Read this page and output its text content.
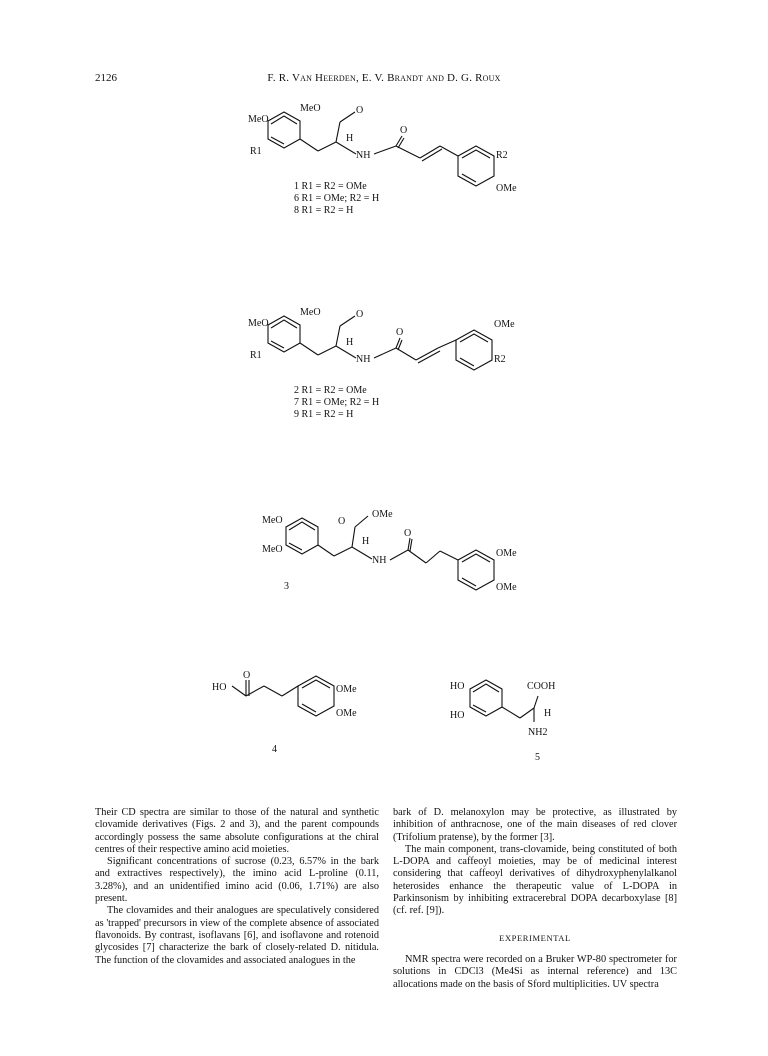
2126	F. R. Van Heerden, E. V. Brandt and D. G. Roux
MeO
MeO
R1
H
NH
O
O
R2
OMe
1 R1 = R2 = OMe
6 R1 = OMe; R2 = H
8 R1 = R2 = H
MeO
MeO
R1
H
NH
O
O
OMe
R2
2 R1 = R2 = OMe
7 R1 = OMe; R2 = H
9 R1 = R2 = H
MeO
MeO
OMe
O
H
NH
O
OMe
OMe
3
O
HO	OMe
OMe
4
HO
HO
COOH
H
NH2
5

Their CD spectra are similar to those of the natural and synthetic clovamide derivatives (Figs. 2 and 3), and the parent compounds accordingly possess the same absolute configurations at the chiral centres of their respective amino acid moieties.

Significant concentrations of sucrose (0.23, 6.57% in the bark and extractives respectively), the imino acid L-proline (0.11, 3.28%), and an unidentified imino acid (0.06, 1.71%) are also present.

The clovamides and their analogues are speculatively considered as 'trapped' precursors in view of the complete absence of associated flavonoids. By contrast, isoflavans [6], and isoflavone and rotenoid glycosides [7] characterize the bark of closely-related D. nitidula. The function of the clovamides and associated analogues in the

bark of D. melanoxylon may be protective, as illustrated by inhibition of anthracnose, one of the main diseases of red clover (Trifolium pratense), by the former [3].

The main component, trans-clovamide, being constituted of both L-DOPA and caffeoyl moieties, may be of medicinal interest considering that caffeoyl derivatives of dihydroxyphenylalkanol heterosides enhance the therapeutic value of L-DOPA in Parkinsonism by inhibiting extracerebral DOPA decarboxylase [8] (cf. ref. [9]).

EXPERIMENTAL

NMR spectra were recorded on a Bruker WP-80 spectrometer for solutions in CDCl3 (Me4Si as internal reference) and 13C allocations made on the basis of Sford multiplicities. UV spectra
